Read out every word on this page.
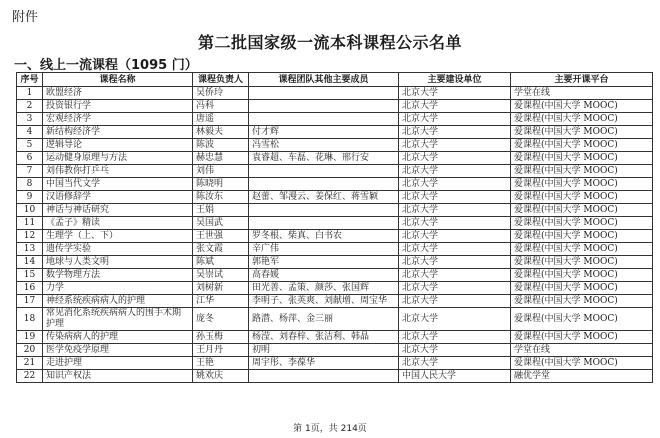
附件
第二批国家级一流本科课程公示名单
一、线上一流课程（1095 门）
序号	课程名称	课程负责人	课程团队其他主要成员	主要建设单位	主要开课平台
1	欧盟经济	吴侨玲		北京大学	学堂在线
2	投资银行学	冯科		北京大学	爱课程(中国大学 MOOC)
3	宏观经济学	唐遥		北京大学	爱课程(中国大学 MOOC)
4	新结构经济学	林毅夫	付才辉	北京大学	爱课程(中国大学 MOOC)
5	逻辑导论	陈波	冯雪松	北京大学	爱课程(中国大学 MOOC)
6	运动健身原理与方法	赫忠慧	袁睿超、车磊、花琳、邢行安	北京大学	爱课程(中国大学 MOOC)
7	刘伟教你打乒乓	刘伟		北京大学	爱课程(中国大学 MOOC)
8	中国当代文学	陈晓明		北京大学	爱课程(中国大学 MOOC)
9	汉语修辞学	陈汝东	赵蕾、邹漫云、姜保红、蒋雪颖	北京大学	爱课程(中国大学 MOOC)
10	神话与神话研究	王娟		北京大学	爱课程(中国大学 MOOC)
11	《孟子》精读	吴国武		北京大学	爱课程(中国大学 MOOC)
12	生理学（上、下）	王世强	罗冬根、柴真、白书农	北京大学	爱课程(中国大学 MOOC)
13	遗传学实验	张文霞	辛广伟	北京大学	爱课程(中国大学 MOOC)
14	地球与人类文明	陈斌	郭艳军	北京大学	爱课程(中国大学 MOOC)
15	数学物理方法	吴崇试	高春媛	北京大学	爱课程(中国大学 MOOC)
16	力学	刘树新	田光善、孟策、颜莎、张国辉	北京大学	爱课程(中国大学 MOOC)
17	神经系统疾病病人的护理	江华	李明子、张英爽、刘献增、周宝华	北京大学	爱课程(中国大学 MOOC)
18	常见消化系统疾病病人的围手术期护理	庞冬	路潜、杨萍、金三丽	北京大学	爱课程(中国大学 MOOC)
19	传染病病人的护理	孙玉梅	杨滢、刘春梓、张洁利、韩晶	北京大学	爱课程(中国大学 MOOC)
20	医学免疫学原理	王月丹	初明	北京大学	学堂在线
21	走进护理	王艳	周宇彤、李葆华	北京大学	爱课程(中国大学 MOOC)
22	知识产权法	姚欢庆		中国人民大学	融优学堂
第 1页，共 214页
